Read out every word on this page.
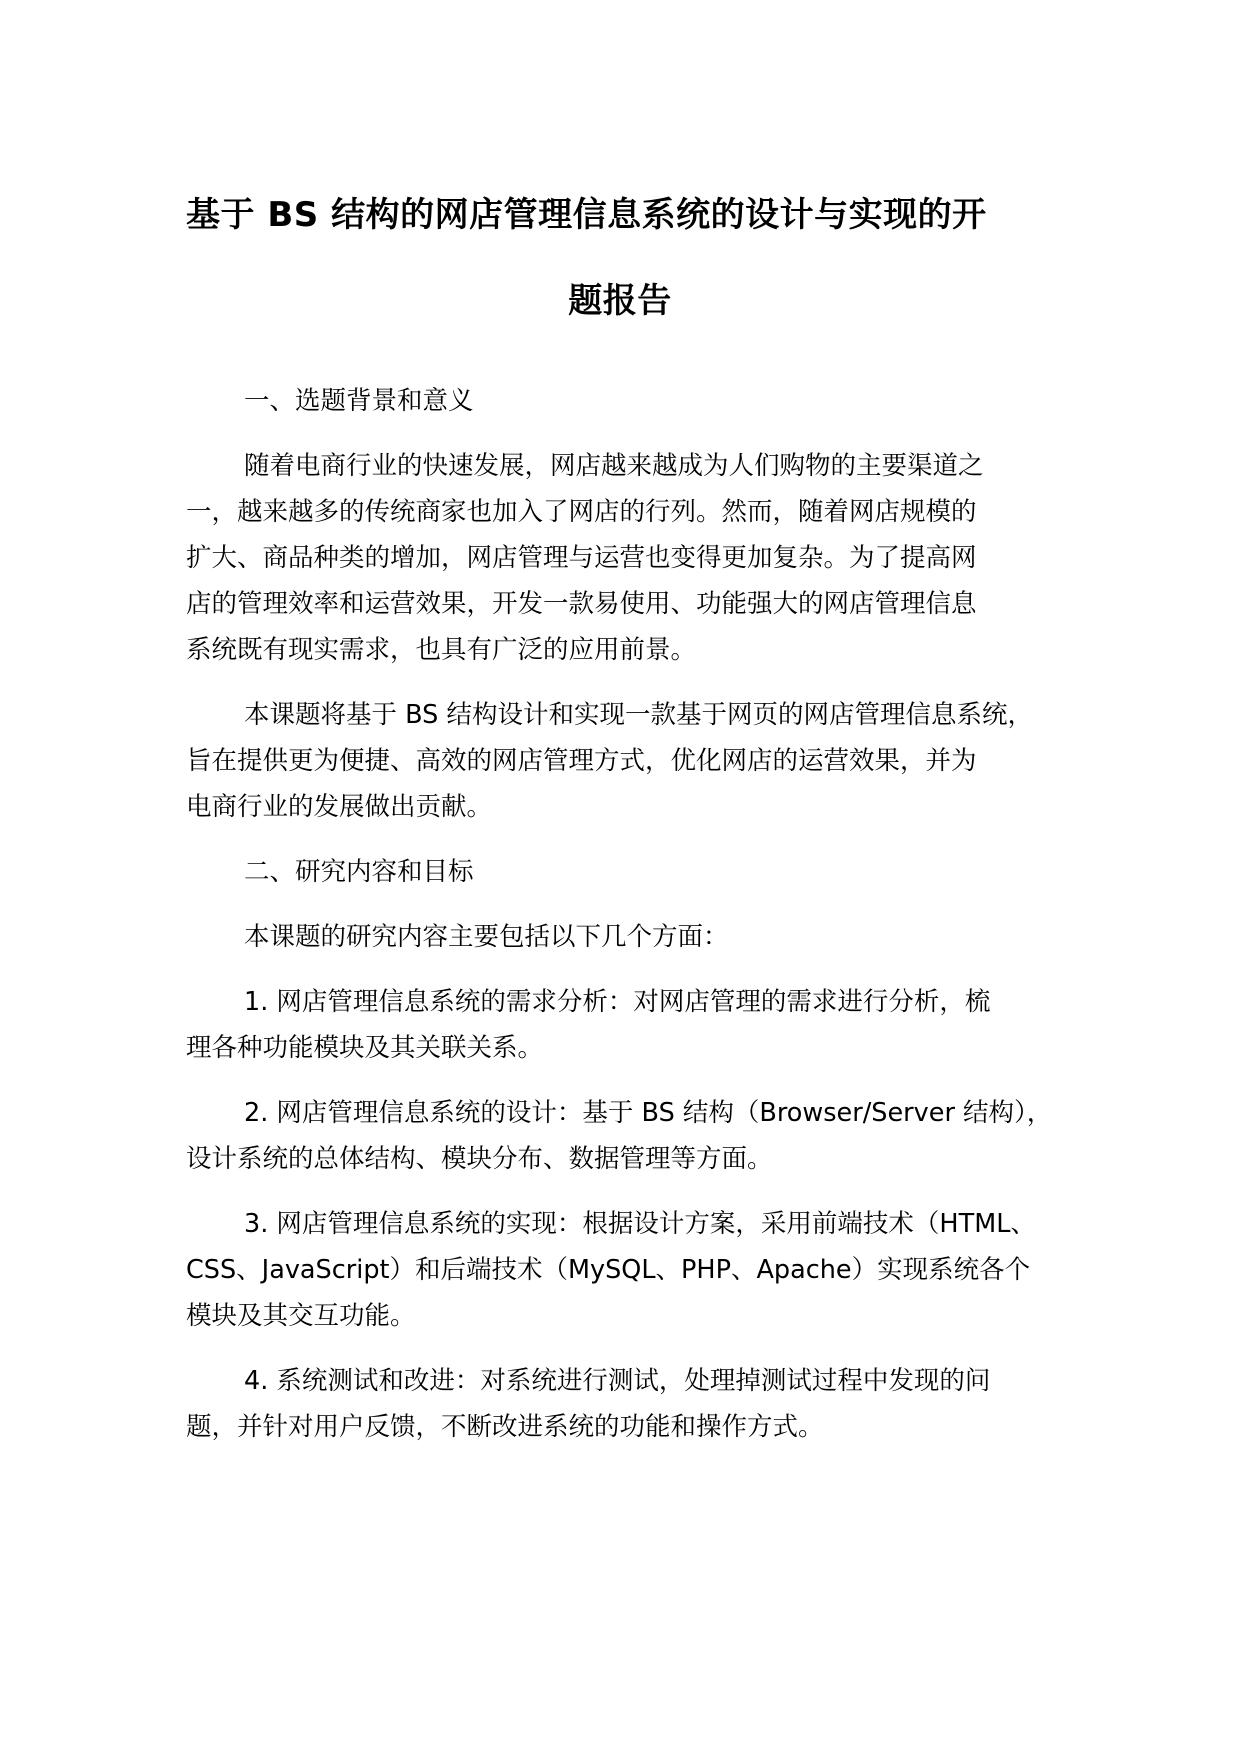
基于 BS 结构的网店管理信息系统的设计与实现的开
题报告
一、选题背景和意义

随着电商行业的快速发展，网店越来越成为人们购物的主要渠道之
一，越来越多的传统商家也加入了网店的行列。然而，随着网店规模的
扩大、商品种类的增加，网店管理与运营也变得更加复杂。为了提高网
店的管理效率和运营效果，开发一款易使用、功能强大的网店管理信息
系统既有现实需求，也具有广泛的应用前景。

本课题将基于 BS 结构设计和实现一款基于网页的网店管理信息系统，
旨在提供更为便捷、高效的网店管理方式，优化网店的运营效果，并为
电商行业的发展做出贡献。

二、研究内容和目标

本课题的研究内容主要包括以下几个方面：

1. 网店管理信息系统的需求分析：对网店管理的需求进行分析，梳
理各种功能模块及其关联关系。

2. 网店管理信息系统的设计：基于 BS 结构（Browser/Server 结构），
设计系统的总体结构、模块分布、数据管理等方面。

3. 网店管理信息系统的实现：根据设计方案，采用前端技术（HTML、
CSS、JavaScript）和后端技术（MySQL、PHP、Apache）实现系统各个
模块及其交互功能。

4. 系统测试和改进：对系统进行测试，处理掉测试过程中发现的问
题，并针对用户反馈，不断改进系统的功能和操作方式。
